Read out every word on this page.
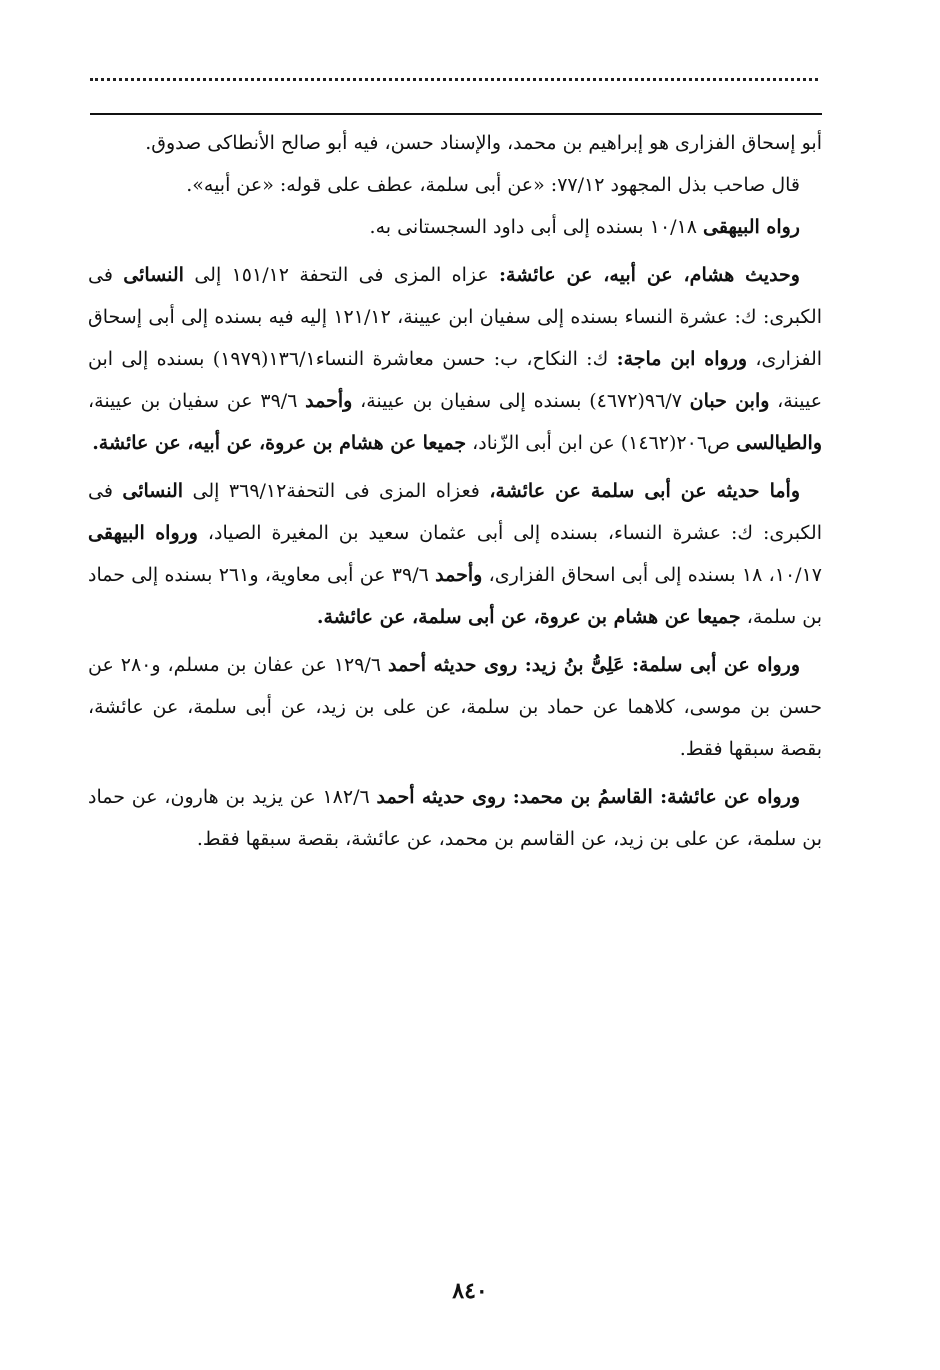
أبو إسحاق الفزارى هو إبراهيم بن محمد، والإسناد حسن، فيه أبو صالح الأنطاكى صدوق.

قال صاحب بذل المجهود ٧٧/١٢: «عن أبى سلمة، عطف على قوله: «عن أبيه».

رواه البيهقى ١٠/١٨ بسنده إلى أبى داود السجستانى به.

وحديث هشام، عن أبيه، عن عائشة: عزاه المزى فى التحفة ١٥١/١٢ إلى النسائى فى الكبرى: ك: عشرة النساء بسنده إلى سفيان ابن عيينة، ١٢١/١٢ إليه فيه بسنده إلى أبى إسحاق الفزارى، ورواه ابن ماجة: ك: النكاح، ب: حسن معاشرة النساء١٣٦/١(١٩٧٩) بسنده إلى ابن عيينة، وابن حبان ٩٦/٧(٤٦٧٢) بسنده إلى سفيان بن عيينة، وأحمد ٣٩/٦ عن سفيان بن عيينة، والطيالسى ص٢٠٦(١٤٦٢) عن ابن أبى الزّناد، جميعا عن هشام بن عروة، عن أبيه، عن عائشة.

وأما حديثه عن أبى سلمة عن عائشة، فعزاه المزى فى التحفة٣٦٩/١٢ إلى النسائى فى الكبرى: ك: عشرة النساء، بسنده إلى أبى عثمان سعيد بن المغيرة الصياد، ورواه البيهقى ١٠/١٧، ١٨ بسنده إلى أبى اسحاق الفزارى، وأحمد ٣٩/٦ عن أبى معاوية، و٢٦١ بسنده إلى حماد بن سلمة، جميعا عن هشام بن عروة، عن أبى سلمة، عن عائشة.

ورواه عن أبى سلمة: عَلِىُّ بنُ زيد: روى حديثه أحمد ١٢٩/٦ عن عفان بن مسلم، و٢٨٠ عن حسن بن موسى، كلاهما عن حماد بن سلمة، عن على بن زيد، عن أبى سلمة، عن عائشة، بقصة سبقها فقط.

ورواه عن عائشة: القاسمُ بن محمد: روى حديثه أحمد ١٨٢/٦ عن يزيد بن هارون، عن حماد بن سلمة، عن على بن زيد، عن القاسم بن محمد، عن عائشة، بقصة سبقها فقط.

٨٤٠
